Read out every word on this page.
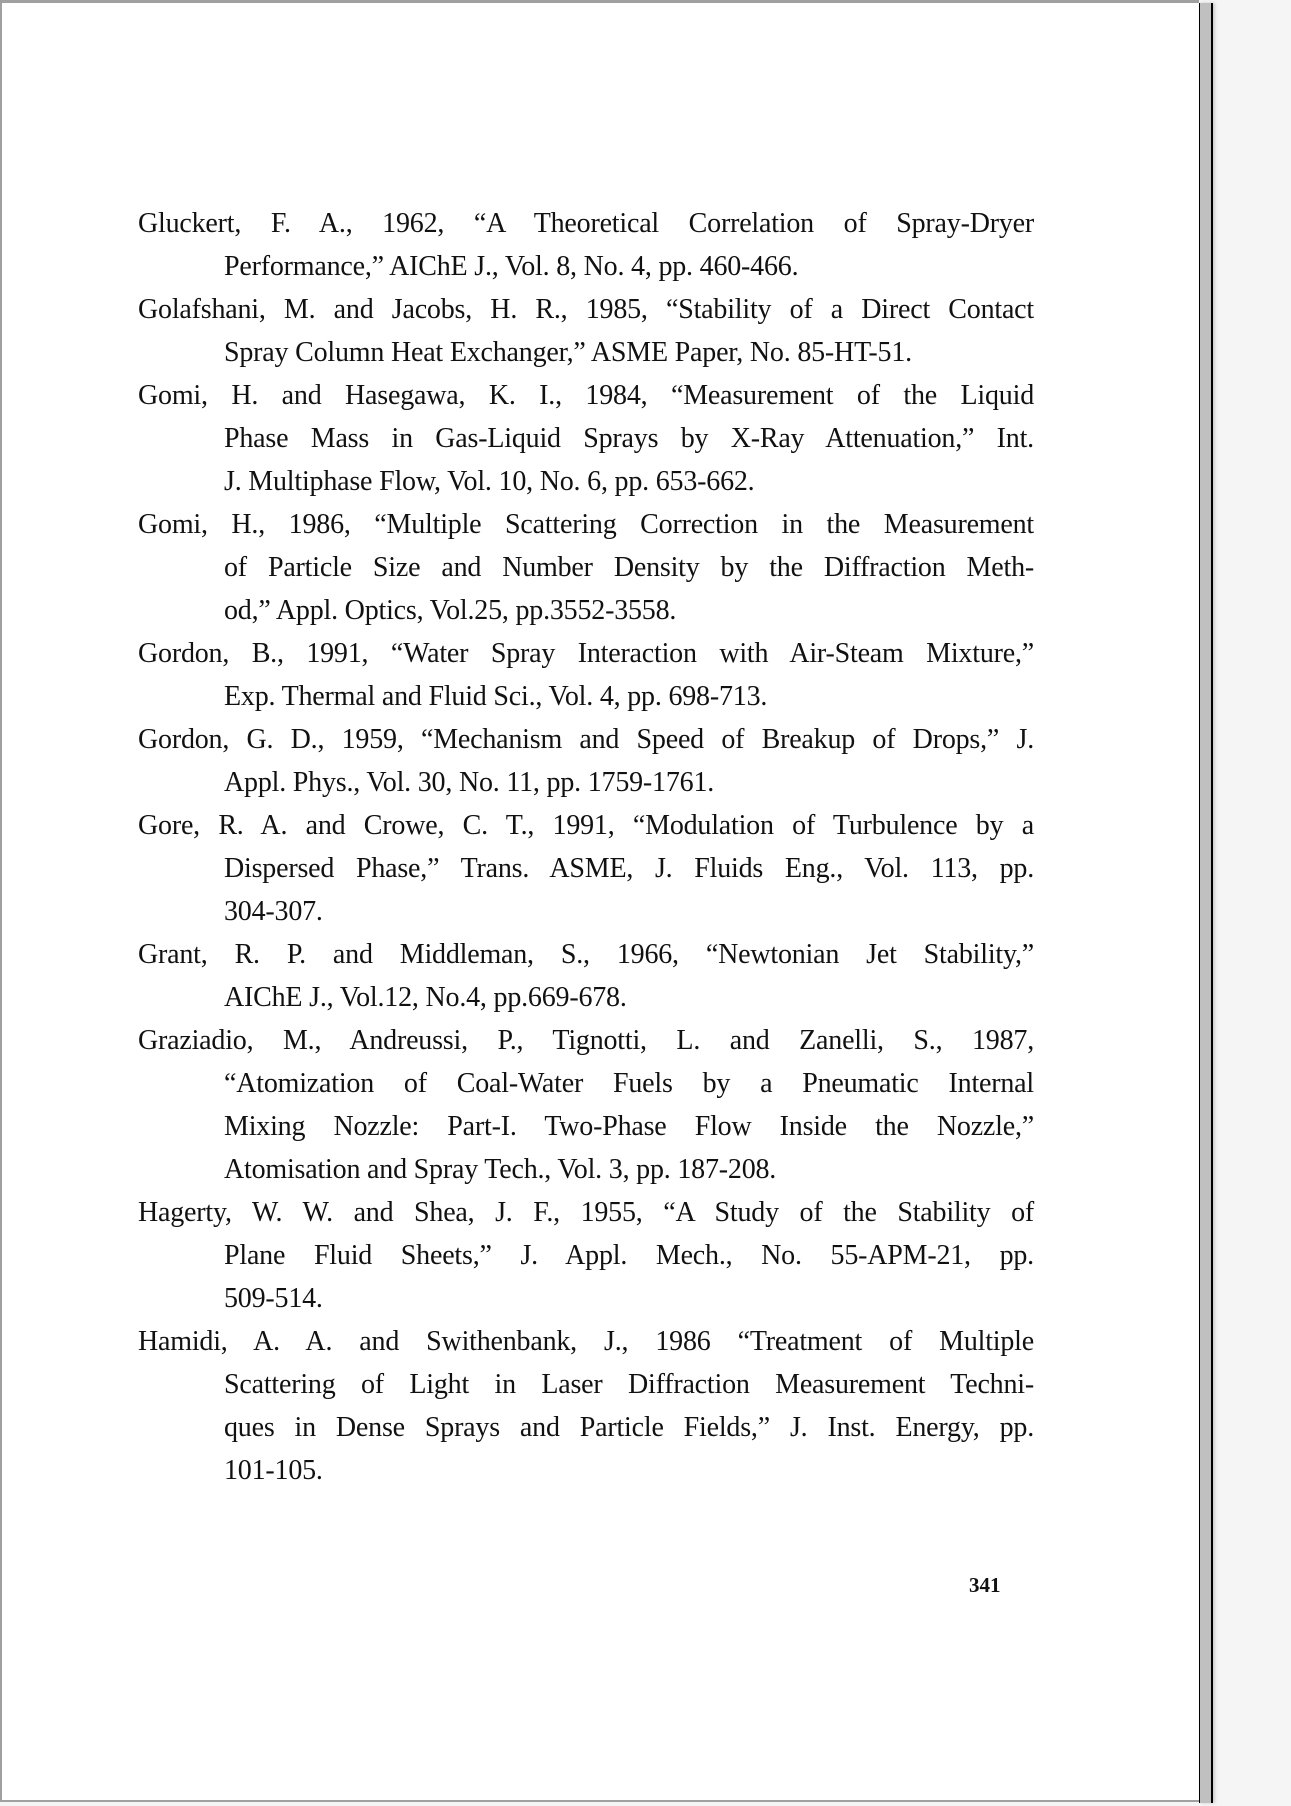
Gluckert, F. A., 1962, “A Theoretical Correlation of Spray-Dryer
Performance,” AIChE J., Vol. 8, No. 4, pp. 460-466.
Golafshani, M. and Jacobs, H. R., 1985, “Stability of a Direct Contact
Spray Column Heat Exchanger,” ASME Paper, No. 85-HT-51.
Gomi, H. and Hasegawa, K. I., 1984, “Measurement of the Liquid
Phase Mass in Gas-Liquid Sprays by X-Ray Attenuation,” Int.
J. Multiphase Flow, Vol. 10, No. 6, pp. 653-662.
Gomi, H., 1986, “Multiple Scattering Correction in the Measurement
of Particle Size and Number Density by the Diffraction Meth-
od,” Appl. Optics, Vol.25, pp.3552-3558.
Gordon, B., 1991, “Water Spray Interaction with Air-Steam Mixture,”
Exp. Thermal and Fluid Sci., Vol. 4, pp. 698-713.
Gordon, G. D., 1959, “Mechanism and Speed of Breakup of Drops,” J.
Appl. Phys., Vol. 30, No. 11, pp. 1759-1761.
Gore, R. A. and Crowe, C. T., 1991, “Modulation of Turbulence by a
Dispersed Phase,” Trans. ASME, J. Fluids Eng., Vol. 113, pp.
304-307.
Grant, R. P. and Middleman, S., 1966, “Newtonian Jet Stability,”
AIChE J., Vol.12, No.4, pp.669-678.
Graziadio, M., Andreussi, P., Tignotti, L. and Zanelli, S., 1987,
“Atomization of Coal-Water Fuels by a Pneumatic Internal
Mixing Nozzle: Part-I. Two-Phase Flow Inside the Nozzle,”
Atomisation and Spray Tech., Vol. 3, pp. 187-208.
Hagerty, W. W. and Shea, J. F., 1955, “A Study of the Stability of
Plane Fluid Sheets,” J. Appl. Mech., No. 55-APM-21, pp.
509-514.
Hamidi, A. A. and Swithenbank, J., 1986 “Treatment of Multiple
Scattering of Light in Laser Diffraction Measurement Techni-
ques in Dense Sprays and Particle Fields,” J. Inst. Energy, pp.
101-105.
341
